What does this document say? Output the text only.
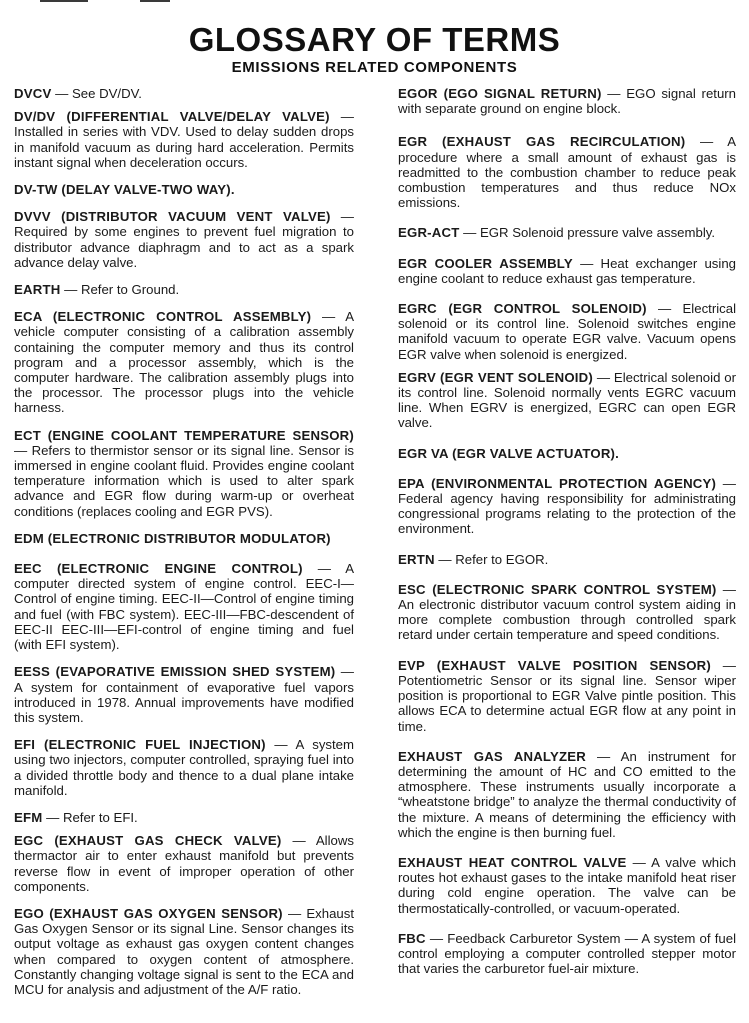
GLOSSARY OF TERMS
EMISSIONS RELATED COMPONENTS

DVCV — See DV/DV.

DV/DV (DIFFERENTIAL VALVE/DELAY VALVE) — Installed in series with VDV. Used to delay sudden drops in manifold vacuum as during hard acceleration. Permits instant signal when deceleration occurs.

DV-TW (DELAY VALVE-TWO WAY).

DVVV (DISTRIBUTOR VACUUM VENT VALVE) — Required by some engines to prevent fuel migration to distributor advance diaphragm and to act as a spark advance delay valve.

EARTH — Refer to Ground.

ECA (ELECTRONIC CONTROL ASSEMBLY) — A vehicle computer consisting of a calibration assembly containing the computer memory and thus its control program and a processor assembly, which is the computer hardware. The calibration assembly plugs into the processor. The processor plugs into the vehicle harness.

ECT (ENGINE COOLANT TEMPERATURE SENSOR) — Refers to thermistor sensor or its signal line. Sensor is immersed in engine coolant fluid. Provides engine coolant temperature information which is used to alter spark advance and EGR flow during warm-up or overheat conditions (replaces cooling and EGR PVS).

EDM (ELECTRONIC DISTRIBUTOR MODULATOR)

EEC (ELECTRONIC ENGINE CONTROL) — A computer directed system of engine control. EEC-I—Control of engine timing. EEC-II—Control of engine timing and fuel (with FBC system). EEC-III—FBC-descendent of EEC-II EEC-III—EFI-control of engine timing and fuel (with EFI system).

EESS (EVAPORATIVE EMISSION SHED SYSTEM) — A system for containment of evaporative fuel vapors introduced in 1978. Annual improvements have modified this system.

EFI (ELECTRONIC FUEL INJECTION) — A system using two injectors, computer controlled, spraying fuel into a divided throttle body and thence to a dual plane intake manifold.

EFM — Refer to EFI.

EGC (EXHAUST GAS CHECK VALVE) — Allows thermactor air to enter exhaust manifold but prevents reverse flow in event of improper operation of other components.

EGO (EXHAUST GAS OXYGEN SENSOR) — Exhaust Gas Oxygen Sensor or its signal Line. Sensor changes its output voltage as exhaust gas oxygen content changes when compared to oxygen content of atmosphere. Constantly changing voltage signal is sent to the ECA and MCU for analysis and adjustment of the A/F ratio.

EGOR (EGO SIGNAL RETURN) — EGO signal return with separate ground on engine block.

EGR (EXHAUST GAS RECIRCULATION) — A procedure where a small amount of exhaust gas is readmitted to the combustion chamber to reduce peak combustion temperatures and thus reduce NOx emissions.

EGR-ACT — EGR Solenoid pressure valve assembly.

EGR COOLER ASSEMBLY — Heat exchanger using engine coolant to reduce exhaust gas temperature.

EGRC (EGR CONTROL SOLENOID) — Electrical solenoid or its control line. Solenoid switches engine manifold vacuum to operate EGR valve. Vacuum opens EGR valve when solenoid is energized.

EGRV (EGR VENT SOLENOID) — Electrical solenoid or its control line. Solenoid normally vents EGRC vacuum line. When EGRV is energized, EGRC can open EGR valve.

EGR VA (EGR VALVE ACTUATOR).

EPA (ENVIRONMENTAL PROTECTION AGENCY) — Federal agency having responsibility for administrating congressional programs relating to the protection of the environment.

ERTN — Refer to EGOR.

ESC (ELECTRONIC SPARK CONTROL SYSTEM) — An electronic distributor vacuum control system aiding in more complete combustion through controlled spark retard under certain temperature and speed conditions.

EVP (EXHAUST VALVE POSITION SENSOR) — Potentiometric Sensor or its signal line. Sensor wiper position is proportional to EGR Valve pintle position. This allows ECA to determine actual EGR flow at any point in time.

EXHAUST GAS ANALYZER — An instrument for determining the amount of HC and CO emitted to the atmosphere. These instruments usually incorporate a “wheatstone bridge” to analyze the thermal conductivity of the mixture. A means of determining the efficiency with which the engine is then burning fuel.

EXHAUST HEAT CONTROL VALVE — A valve which routes hot exhaust gases to the intake manifold heat riser during cold engine operation. The valve can be thermostatically-controlled, or vacuum-operated.

FBC — Feedback Carburetor System — A system of fuel control employing a computer controlled stepper motor that varies the carburetor fuel-air mixture.
